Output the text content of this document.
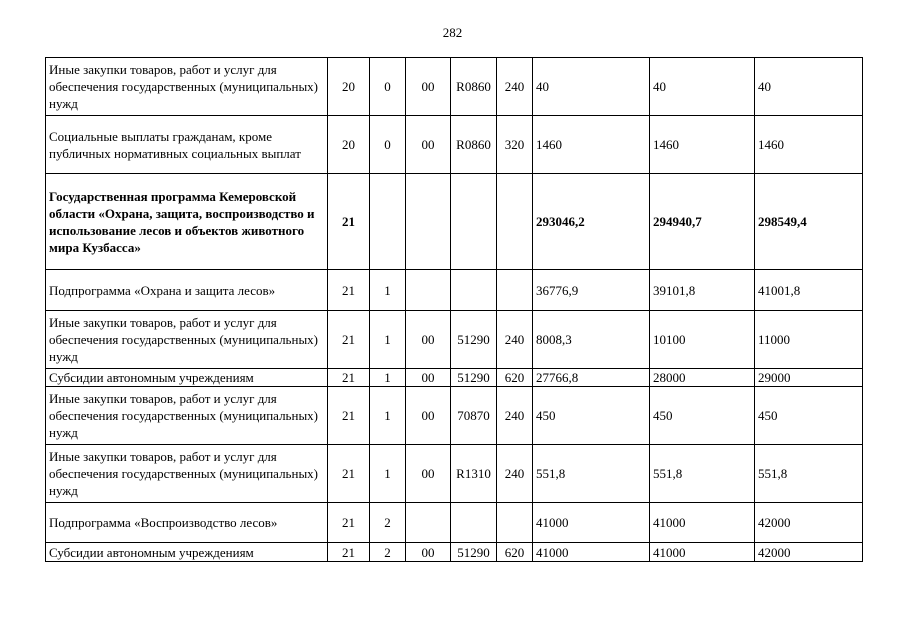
282
Иные закупки товаров, работ и услуг для обеспечения государственных (муниципальных) нужд	20	0	00	R0860	240	40	40	40
Социальные выплаты гражданам, кроме публичных нормативных социальных выплат	20	0	00	R0860	320	1460	1460	1460
Государственная программа Кемеровской области «Охрана, защита, воспроизводство и использование лесов и объектов животного мира Кузбасса»	21					293046,2	294940,7	298549,4
Подпрограмма «Охрана и защита лесов»	21	1				36776,9	39101,8	41001,8
Иные закупки товаров, работ и услуг для обеспечения государственных (муниципальных) нужд	21	1	00	51290	240	8008,3	10100	11000
Субсидии автономным учреждениям	21	1	00	51290	620	27766,8	28000	29000
Иные закупки товаров, работ и услуг для обеспечения государственных (муниципальных) нужд	21	1	00	70870	240	450	450	450
Иные закупки товаров, работ и услуг для обеспечения государственных (муниципальных) нужд	21	1	00	R1310	240	551,8	551,8	551,8
Подпрограмма «Воспроизводство лесов»	21	2				41000	41000	42000
Субсидии автономным учреждениям	21	2	00	51290	620	41000	41000	42000
